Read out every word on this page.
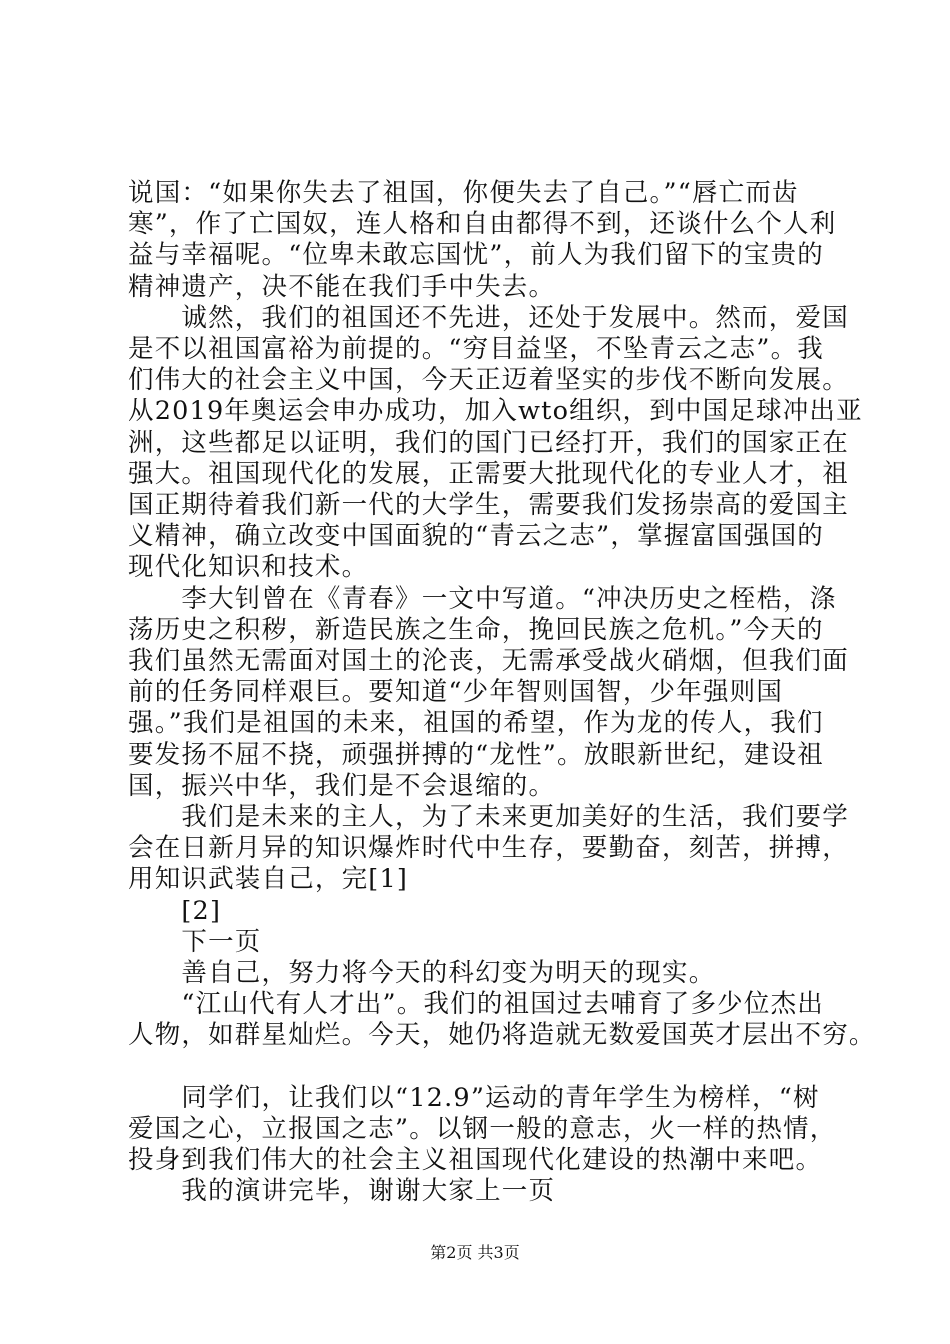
说国：“如果你失去了祖国，你便失去了自己。”“唇亡而齿
寒”，作了亡国奴，连人格和自由都得不到，还谈什么个人利
益与幸福呢。“位卑未敢忘国忧”，前人为我们留下的宝贵的
精神遗产，决不能在我们手中失去。
　　诚然，我们的祖国还不先进，还处于发展中。然而，爱国
是不以祖国富裕为前提的。“穷目益坚，不坠青云之志”。我
们伟大的社会主义中国，今天正迈着坚实的步伐不断向发展。
从2019年奥运会申办成功，加入wto组织，到中国足球冲出亚
洲，这些都足以证明，我们的国门已经打开，我们的国家正在
强大。祖国现代化的发展，正需要大批现代化的专业人才，祖
国正期待着我们新一代的大学生，需要我们发扬崇高的爱国主
义精神，确立改变中国面貌的“青云之志”，掌握富国强国的
现代化知识和技术。
　　李大钊曾在《青春》一文中写道。“冲决历史之桎梏，涤
荡历史之积秽，新造民族之生命，挽回民族之危机。”今天的
我们虽然无需面对国土的沦丧，无需承受战火硝烟，但我们面
前的任务同样艰巨。要知道“少年智则国智，少年强则国
强。”我们是祖国的未来，祖国的希望，作为龙的传人，我们
要发扬不屈不挠，顽强拼搏的“龙性”。放眼新世纪，建设祖
国，振兴中华，我们是不会退缩的。
　　我们是未来的主人，为了未来更加美好的生活，我们要学
会在日新月异的知识爆炸时代中生存，要勤奋，刻苦，拼搏，
用知识武装自己，完[1]
　　[2]
　　下一页
　　善自己，努力将今天的科幻变为明天的现实。
　　“江山代有人才出”。我们的祖国过去哺育了多少位杰出
人物，如群星灿烂。今天，她仍将造就无数爱国英才层出不穷。
　　同学们，让我们以“12.9”运动的青年学生为榜样，“树
爱国之心，立报国之志”。以钢一般的意志，火一样的热情，
投身到我们伟大的社会主义祖国现代化建设的热潮中来吧。
　　我的演讲完毕，谢谢大家上一页
第2页 共3页
